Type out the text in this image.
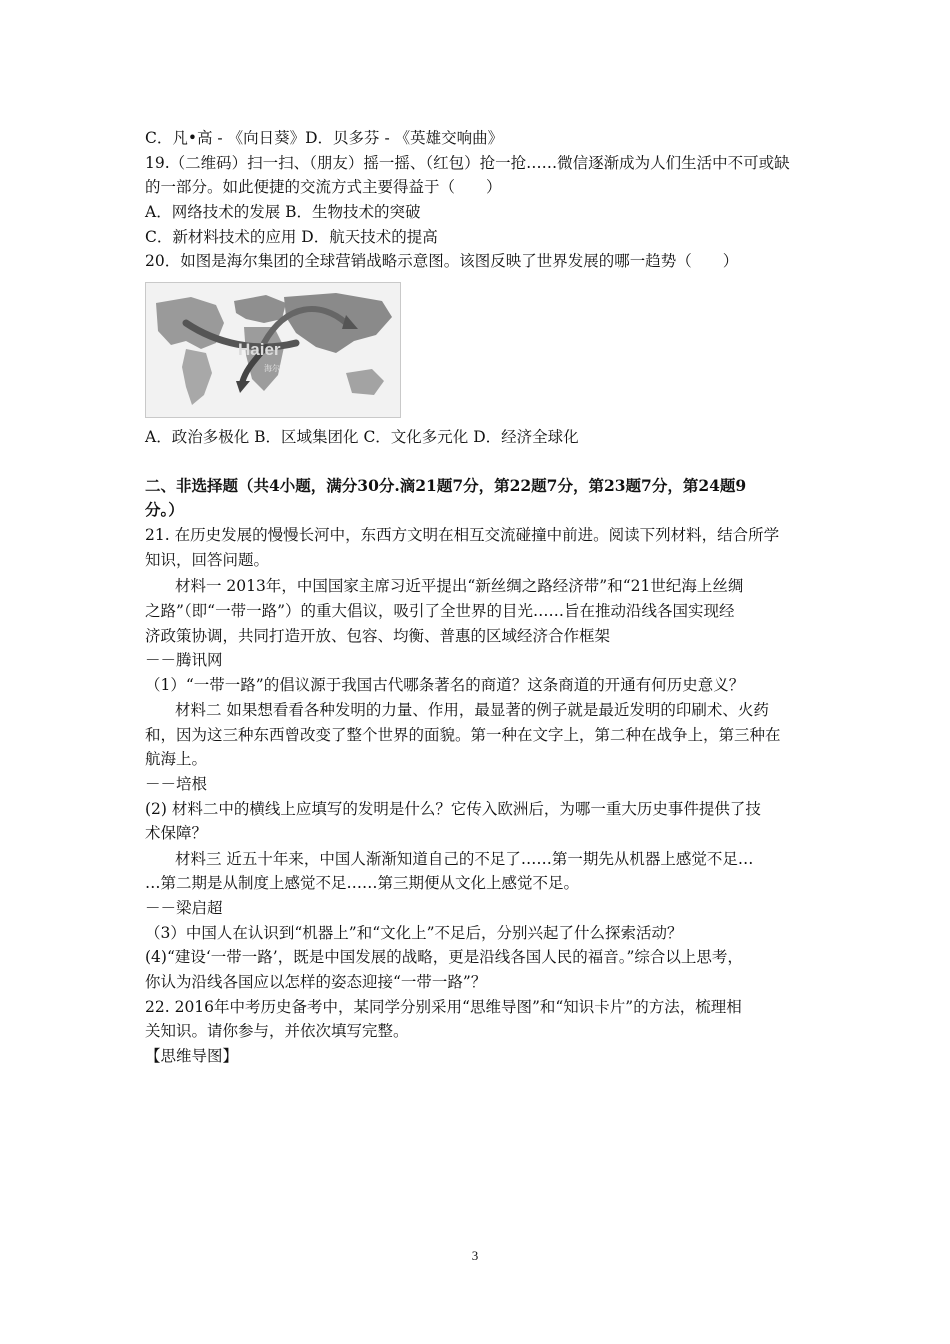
C．凡•高 - 《向日葵》D．贝多芬 - 《英雄交响曲》
19.（二维码）扫一扫、（朋友）摇一摇、（红包）抢一抢……微信逐渐成为人们生活中不可或缺
的一部分。如此便捷的交流方式主要得益于（　　）
A．网络技术的发展 B．生物技术的突破
C．新材料技术的应用 D．航天技术的提高
20．如图是海尔集团的全球营销战略示意图。该图反映了世界发展的哪一趋势（　　）
Haier
海尔
A．政治多极化 B．区域集团化 C．文化多元化 D．经济全球化
二、非选择题（共4小题，满分30分.滴21题7分，第22题7分，第23题7分，第24题9
分。）
21. 在历史发展的慢慢长河中，东西方文明在相互交流碰撞中前进。阅读下列材料，结合所学
知识，回答问题。
材料一 2013年，中国国家主席习近平提出“新丝绸之路经济带”和“21世纪海上丝绸
之路”（即“一带一路”）的重大倡议，吸引了全世界的目光……旨在推动沿线各国实现经
济政策协调，共同打造开放、包容、均衡、普惠的区域经济合作框架
－－腾讯网
（1）“一带一路”的倡议源于我国古代哪条著名的商道？这条商道的开通有何历史意义？
材料二 如果想看看各种发明的力量、作用，最显著的例子就是最近发明的印刷术、火药
和，因为这三种东西曾改变了整个世界的面貌。第一种在文字上，第二种在战争上，第三种在
航海上。
－－培根
(2) 材料二中的横线上应填写的发明是什么？它传入欧洲后，为哪一重大历史事件提供了技
术保障？
材料三 近五十年来，中国人渐渐知道自己的不足了……第一期先从机器上感觉不足…
…第二期是从制度上感觉不足……第三期便从文化上感觉不足。
－－梁启超
（3）中国人在认识到“机器上”和“文化上”不足后，分别兴起了什么探索活动？
(4)“建设‘一带一路’，既是中国发展的战略，更是沿线各国人民的福音。”综合以上思考，
你认为沿线各国应以怎样的姿态迎接“一带一路”？
22. 2016年中考历史备考中，某同学分别采用“思维导图”和“知识卡片”的方法，梳理相
关知识。请你参与，并依次填写完整。
【思维导图】
3
